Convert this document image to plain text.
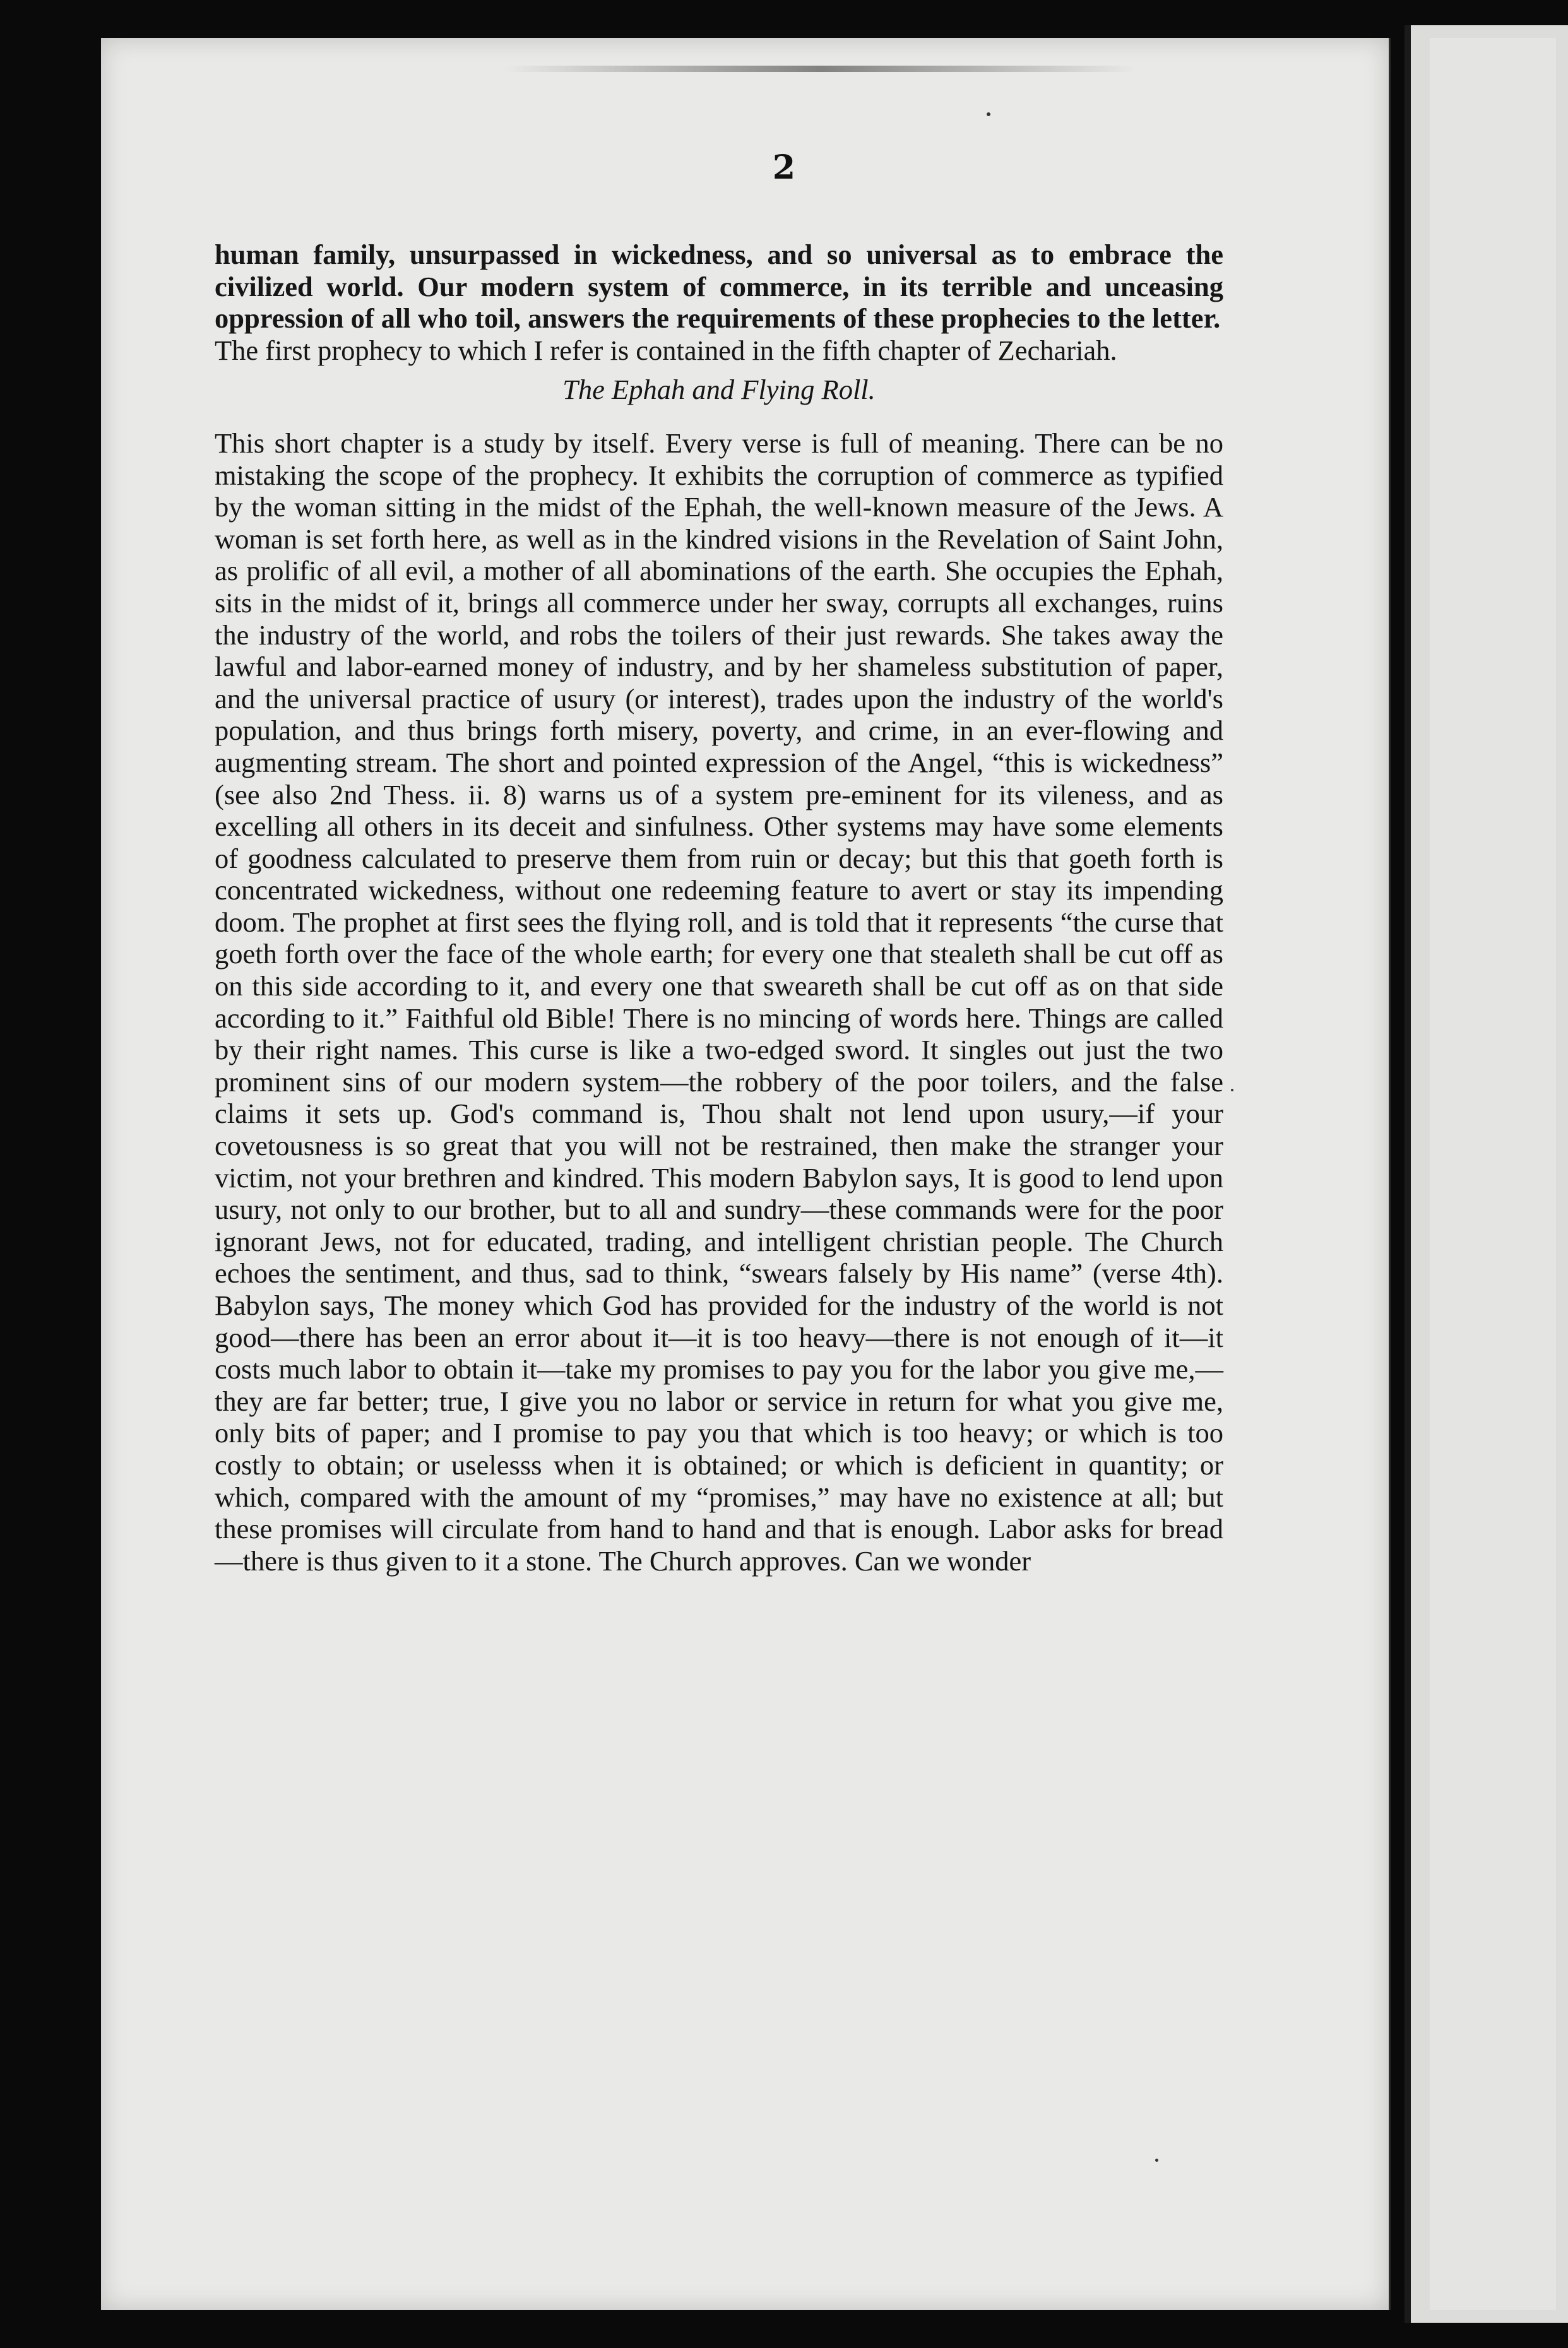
2

human family, unsurpassed in wickedness, and so universal as to embrace the civilized world. Our modern system of commerce, in its terrible and unceasing oppression of all who toil, answers the requirements of these prophecies to the letter.

The first prophecy to which I refer is contained in the fifth chapter of Zechariah.

The Ephah and Flying Roll.

This short chapter is a study by itself. Every verse is full of meaning. There can be no mistaking the scope of the prophecy. It exhibits the corruption of commerce as typified by the woman sitting in the midst of the Ephah, the well-known measure of the Jews. A woman is set forth here, as well as in the kindred visions in the Revelation of Saint John, as prolific of all evil, a mother of all abominations of the earth. She occupies the Ephah, sits in the midst of it, brings all commerce under her sway, corrupts all exchanges, ruins the industry of the world, and robs the toilers of their just rewards. She takes away the lawful and labor-earned money of industry, and by her shameless substitution of paper, and the universal practice of usury (or interest), trades upon the industry of the world's population, and thus brings forth misery, poverty, and crime, in an ever-flowing and augmenting stream. The short and pointed expression of the Angel, “this is wickedness” (see also 2nd Thess. ii. 8) warns us of a system pre-eminent for its vileness, and as excelling all others in its deceit and sinfulness. Other systems may have some elements of goodness calculated to preserve them from ruin or decay; but this that goeth forth is concentrated wickedness, without one redeeming feature to avert or stay its impending doom. The prophet at first sees the flying roll, and is told that it represents “the curse that goeth forth over the face of the whole earth; for every one that stealeth shall be cut off as on this side according to it, and every one that sweareth shall be cut off as on that side according to it.” Faithful old Bible! There is no mincing of words here. Things are called by their right names. This curse is like a two-edged sword. It singles out just the two prominent sins of our modern system—the robbery of the poor toilers, and the false claims it sets up. God's command is, Thou shalt not lend upon usury,—if your covetousness is so great that you will not be restrained, then make the stranger your victim, not your brethren and kindred. This modern Babylon says, It is good to lend upon usury, not only to our brother, but to all and sundry—these commands were for the poor ignorant Jews, not for educated, trading, and intelligent christian people. The Church echoes the sentiment, and thus, sad to think, “swears falsely by His name” (verse 4th). Babylon says, The money which God has provided for the industry of the world is not good—there has been an error about it—it is too heavy—there is not enough of it—it costs much labor to obtain it—take my promises to pay you for the labor you give me,—they are far better; true, I give you no labor or service in return for what you give me, only bits of paper; and I promise to pay you that which is too heavy; or which is too costly to obtain; or uselesss when it is obtained; or which is deficient in quantity; or which, compared with the amount of my “promises,” may have no existence at all; but these promises will circulate from hand to hand and that is enough. Labor asks for bread—there is thus given to it a stone. The Church approves. Can we wonder
